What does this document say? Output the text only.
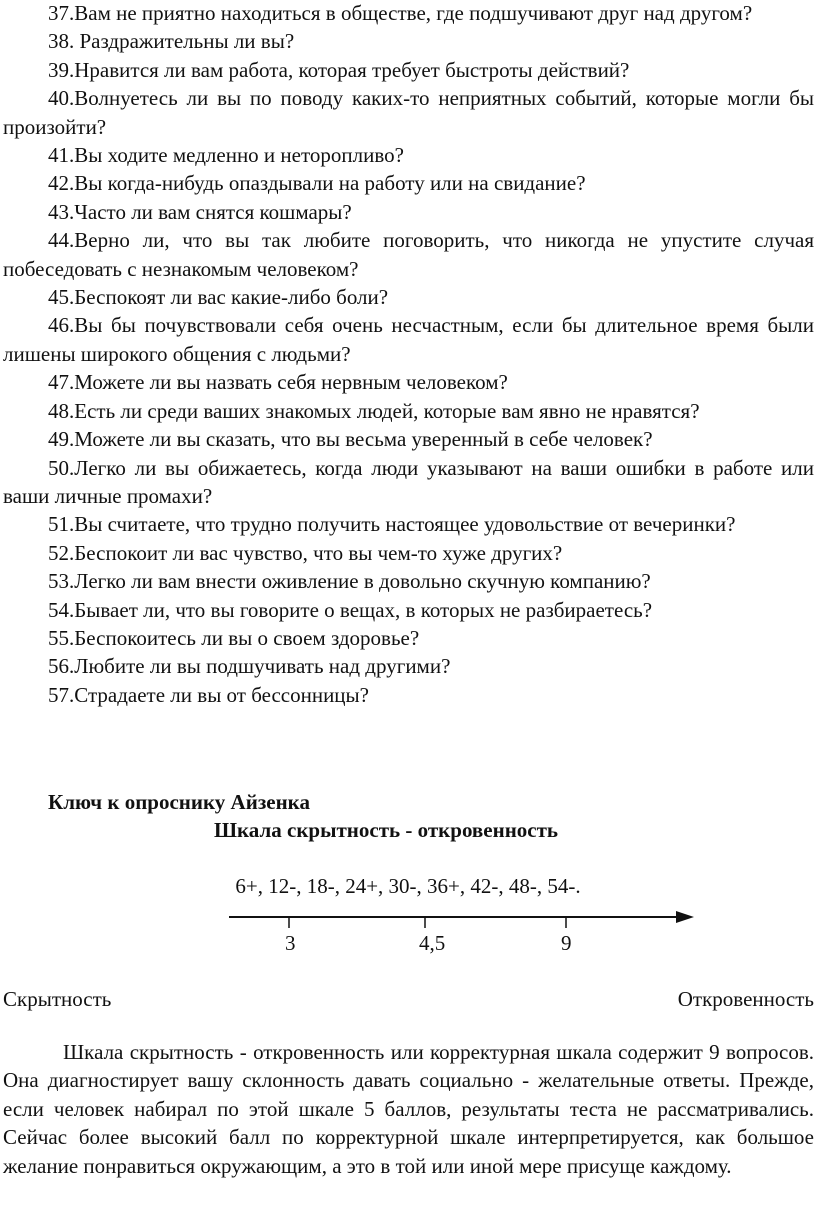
37.Вам не приятно находиться в обществе, где подшучивают друг над другом?

38. Раздражительны ли вы?

39.Нравится ли вам работа, которая требует быстроты действий?

40.Волнуетесь ли вы по поводу каких-то неприятных событий, которые могли бы произойти?

41.Вы ходите медленно и неторопливо?

42.Вы когда-нибудь опаздывали на работу или на свидание?

43.Часто ли вам снятся кошмары?

44.Верно ли, что вы так любите поговорить, что никогда не упустите случая побеседовать с незнакомым человеком?

45.Беспокоят ли вас какие-либо боли?

46.Вы бы почувствовали себя очень несчастным, если бы длительное время были лишены широкого общения с людьми?

47.Можете ли вы назвать себя нервным человеком?

48.Есть ли среди ваших знакомых людей, которые вам явно не нравятся?

49.Можете ли вы сказать, что вы весьма уверенный в себе человек?

50.Легко ли вы обижаетесь, когда люди указывают на ваши ошибки в работе или ваши личные промахи?

51.Вы считаете, что трудно получить настоящее удовольствие от вечеринки?

52.Беспокоит ли вас чувство, что вы чем-то хуже других?

53.Легко ли вам внести оживление в довольно скучную компанию?

54.Бывает ли, что вы говорите о вещах, в которых не разбираетесь?

55.Беспокоитесь ли вы о своем здоровье?

56.Любите ли вы подшучивать над другими?

57.Страдаете ли вы от бессонницы?

Ключ к опроснику Айзенка

Шкала скрытность - откровенность

6+, 12-, 18-, 24+, 30-, 36+, 42-, 48-, 54-.
3	4,5	9
Скрытность	Откровенность

Шкала скрытность - откровенность или корректурная шкала содержит 9 вопросов. Она диагностирует вашу склонность давать социально - желательные ответы. Прежде, если человек набирал по этой шкале 5 баллов, результаты теста не рассматривались. Сейчас более высокий балл по корректурной шкале интерпретируется, как большое желание понравиться окружающим, а это в той или иной мере присуще каждому.
